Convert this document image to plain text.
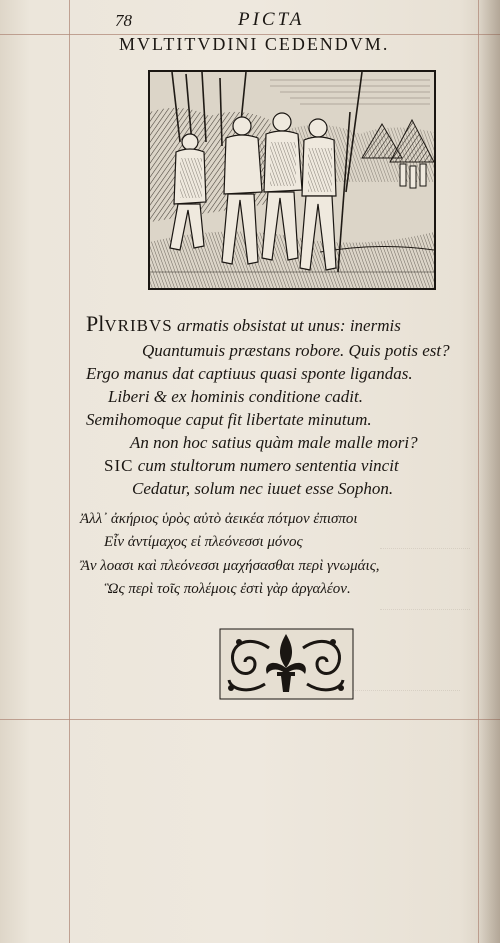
78	PICTA
MVLTITVDINI CEDENDVM.
PlVRIBVS armatis obsistat ut unus: inermis
Quantumuis præstans robore. Quis potis est?
Ergo manus dat captiuus quasi sponte ligandas.
Liberi & ex hominis conditione cadit.
Semihomoque caput fit libertate minutum.
An non hoc satius quàm male malle mori?
SIC cum stultorum numero sententia vincit
Cedatur, solum nec iuuet esse Sophon.
Ἀλλ᾽ ἀκήριος ὑρὸς αὐτὸ ἀεικέα πότμον ἐπισποι
Εἷν ἀντίμαχος εἰ πλεόνεσσι μόνος
Ἂν λοασι καὶ πλεόνεσσι μαχήσασθαι περὶ γνωμάις,
Ὣς περὶ τοῖς πολέμοις ἐστὶ γὰρ ἀργαλέον.
